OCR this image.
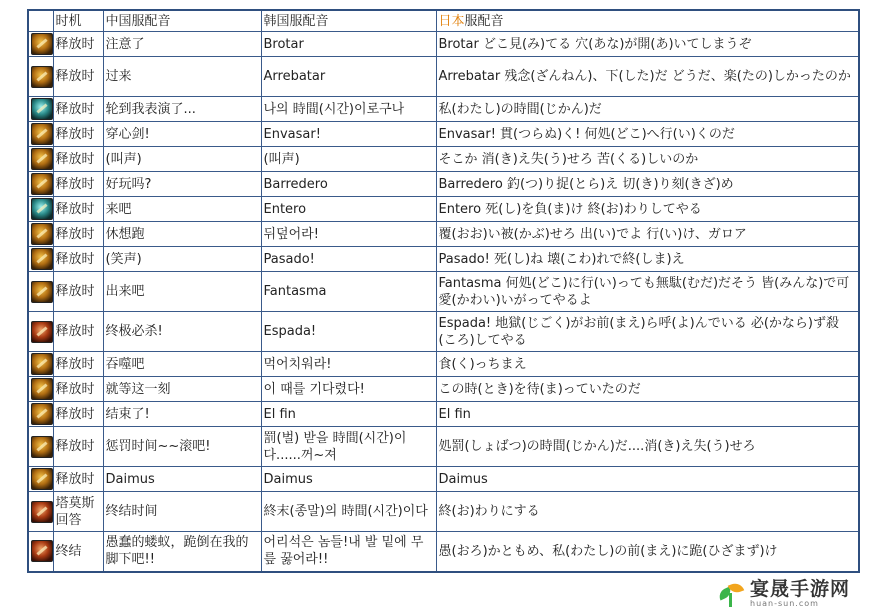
	时机	中国服配音	韩国服配音	日本服配音
	释放时	注意了	Brotar	Brotar どこ見(み)てる 穴(あな)が開(あ)いてしまうぞ
	释放时	过来	Arrebatar	Arrebatar 残念(ざんねん)、下(した)だ どうだ、楽(たの)しかったのか
	释放时	轮到我表演了...	나의 時間(시간)이로구나	私(わたし)の時間(じかん)だ
	释放时	穿心剑!	Envasar!	Envasar! 貫(つらぬ)く! 何処(どこ)へ行(い)くのだ
	释放时	(叫声)	(叫声)	そこか 消(き)え失(う)せろ 苦(くる)しいのか
	释放时	好玩吗?	Barredero	Barredero 釣(つ)り捉(とら)え 切(き)り刻(きざ)め
	释放时	来吧	Entero	Entero 死(し)を負(ま)け 終(お)わりしてやる
	释放时	休想跑	뒤덮어라!	覆(おお)い被(かぶ)せろ 出(い)でよ 行(い)け、ガロア
	释放时	(笑声)	Pasado!	Pasado! 死(し)ね 壊(こわ)れで終(しま)え
	释放时	出来吧	Fantasma	Fantasma 何処(どこ)に行(い)っても無駄(むだ)だそう 皆(みんな)で可愛(かわい)いがってやるよ
	释放时	终极必杀!	Espada!	Espada! 地獄(じごく)がお前(まえ)ら呼(よ)んでいる 必(かなら)ず殺(ころ)してやる
	释放时	吞噬吧	먹어치워라!	食(く)っちまえ
	释放时	就等这一刻	이 때를 기다렸다!	この時(とき)を待(ま)っていたのだ
	释放时	结束了!	El fin	El fin
	释放时	惩罚时间~~滚吧!	罰(벌) 받을 時間(시간)이다......꺼~져	処罰(しょばつ)の時間(じかん)だ....消(き)え失(う)せろ
	释放时	Daimus	Daimus	Daimus
	塔莫斯回答	终结时间	終末(종말)의 時間(시간)이다	終(お)わりにする
	终结	愚蠢的蝼蚁，跪倒在我的脚下吧!!	어리석은 놈들!내 발 밑에 무릎 꿇어라!!	愚(おろ)かともめ、私(わたし)の前(まえ)に跪(ひざまず)け
宴晟手游网
huan-sun.com
